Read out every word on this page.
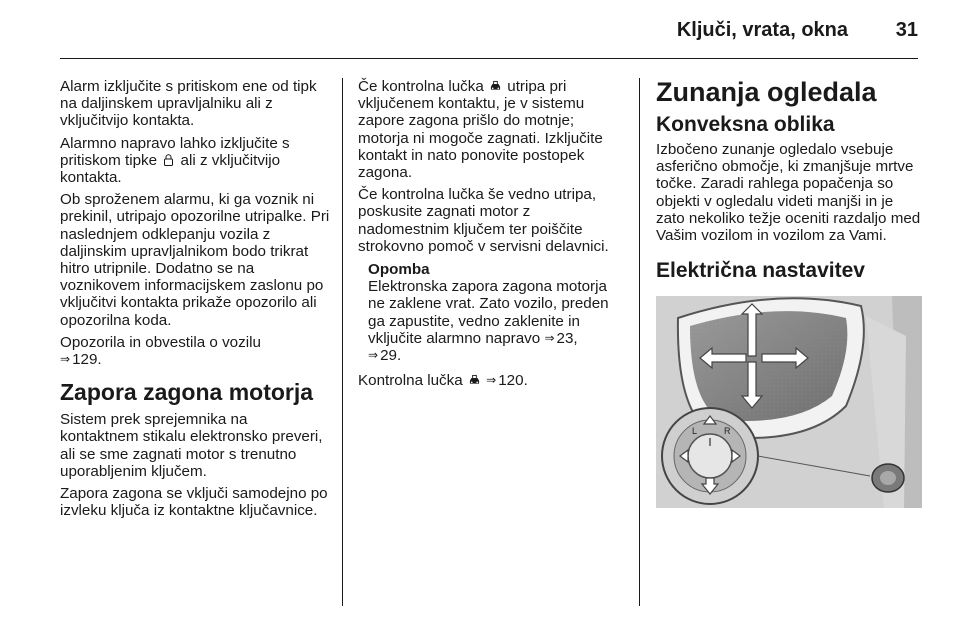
Ključi, vrata, okna 31

Alarm izključite s pritiskom ene od tipk na daljinskem upravljalniku ali z vključitvijo kontakta.

Alarmno napravo lahko izključite s pritiskom tipke ali z vključitvijo kontakta.

Ob sproženem alarmu, ki ga voznik ni prekinil, utripajo opozorilne utripalke. Pri naslednjem odklepanju vozila z daljinskim upravljalnikom bodo trikrat hitro utripnile. Dodatno se na voznikovem informacijskem zaslonu po vključitvi kontakta prikaže opozorilo ali opozorilna koda.

Opozorila in obvestila o vozilu
⇒ 129.

Zapora zagona motorja

Sistem prek sprejemnika na kontaktnem stikalu elektronsko preveri, ali se sme zagnati motor s trenutno uporabljenim ključem.

Zapora zagona se vključi samodejno po izvleku ključa iz kontaktne ključavnice.

Če kontrolna lučka utripa pri vključenem kontaktu, je v sistemu zapore zagona prišlo do motnje; motorja ni mogoče zagnati. Izključite kontakt in nato ponovite postopek zagona.

Če kontrolna lučka še vedno utripa, poskusite zagnati motor z nadomestnim ključem ter poiščite strokovno pomoč v servisni delavnici.

Opomba
Elektronska zapora zagona motorja ne zaklene vrat. Zato vozilo, preden ga zapustite, vedno zaklenite in vključite alarmno napravo ⇒ 23,
⇒ 29.

Kontrolna lučka ⇒ 120.

Zunanja ogledala
Konveksna oblika

Izbočeno zunanje ogledalo vsebuje asferično območje, ki zmanjšuje mrtve točke. Zaradi rahlega popačenja so objekti v ogledalu videti manjši in je zato nekoliko težje oceniti razdaljo med Vašim vozilom in vozilom za Vami.

Električna nastavitev
L	R
